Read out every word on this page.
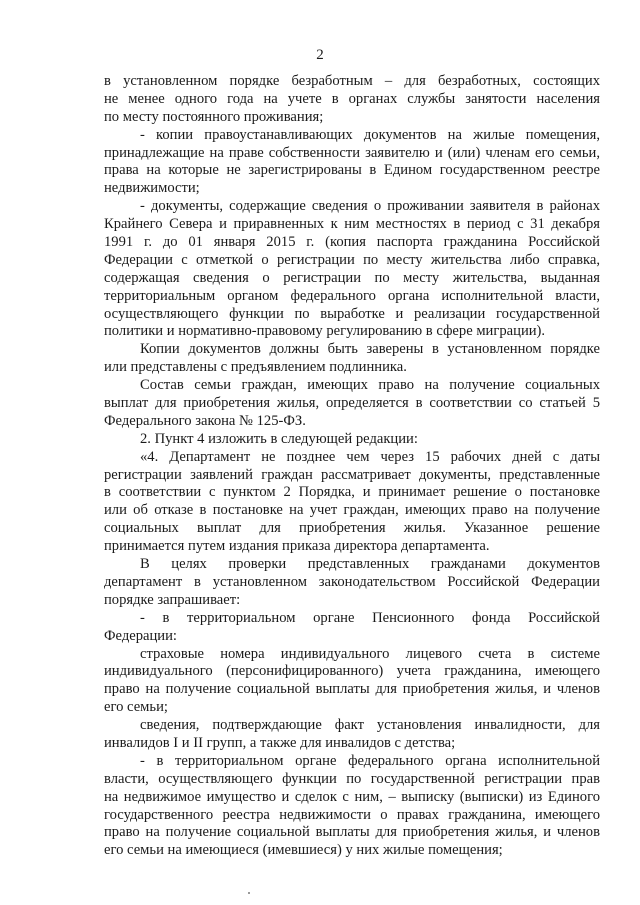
2
в установленном порядке безработным – для безработных, состоящих
не менее одного года на учете в органах службы занятости населения
по месту постоянного проживания;
- копии правоустанавливающих документов на жилые помещения,
принадлежащие на праве собственности заявителю и (или) членам его семьи,
права на которые не зарегистрированы в Едином государственном реестре
недвижимости;
- документы, содержащие сведения о проживании заявителя в районах
Крайнего Севера и приравненных к ним местностях в период с 31 декабря
1991 г. до 01 января 2015 г. (копия паспорта гражданина Российской
Федерации с отметкой о регистрации по месту жительства либо справка,
содержащая сведения о регистрации по месту жительства, выданная
территориальным органом федерального органа исполнительной власти,
осуществляющего функции по выработке и реализации государственной
политики и нормативно-правовому регулированию в сфере миграции).
Копии документов должны быть заверены в установленном порядке
или представлены с предъявлением подлинника.
Состав семьи граждан, имеющих право на получение социальных
выплат для приобретения жилья, определяется в соответствии со статьей 5
Федерального закона № 125-ФЗ.
2. Пункт 4 изложить в следующей редакции:
«4. Департамент не позднее чем через 15 рабочих дней с даты
регистрации заявлений граждан рассматривает документы, представленные
в соответствии с пунктом 2 Порядка, и принимает решение о постановке
или об отказе в постановке на учет граждан, имеющих право на получение
социальных выплат для приобретения жилья. Указанное решение
принимается путем издания приказа директора департамента.
В целях проверки представленных гражданами документов
департамент в установленном законодательством Российской Федерации
порядке запрашивает:
- в территориальном органе Пенсионного фонда Российской
Федерации:
страховые номера индивидуального лицевого счета в системе
индивидуального (персонифицированного) учета гражданина, имеющего
право на получение социальной выплаты для приобретения жилья, и членов
его семьи;
сведения, подтверждающие факт установления инвалидности, для
инвалидов I и II групп, а также для инвалидов с детства;
- в территориальном органе федерального органа исполнительной
власти, осуществляющего функции по государственной регистрации прав
на недвижимое имущество и сделок с ним, – выписку (выписки) из Единого
государственного реестра недвижимости о правах гражданина, имеющего
право на получение социальной выплаты для приобретения жилья, и членов
его семьи на имеющиеся (имевшиеся) у них жилые помещения;
